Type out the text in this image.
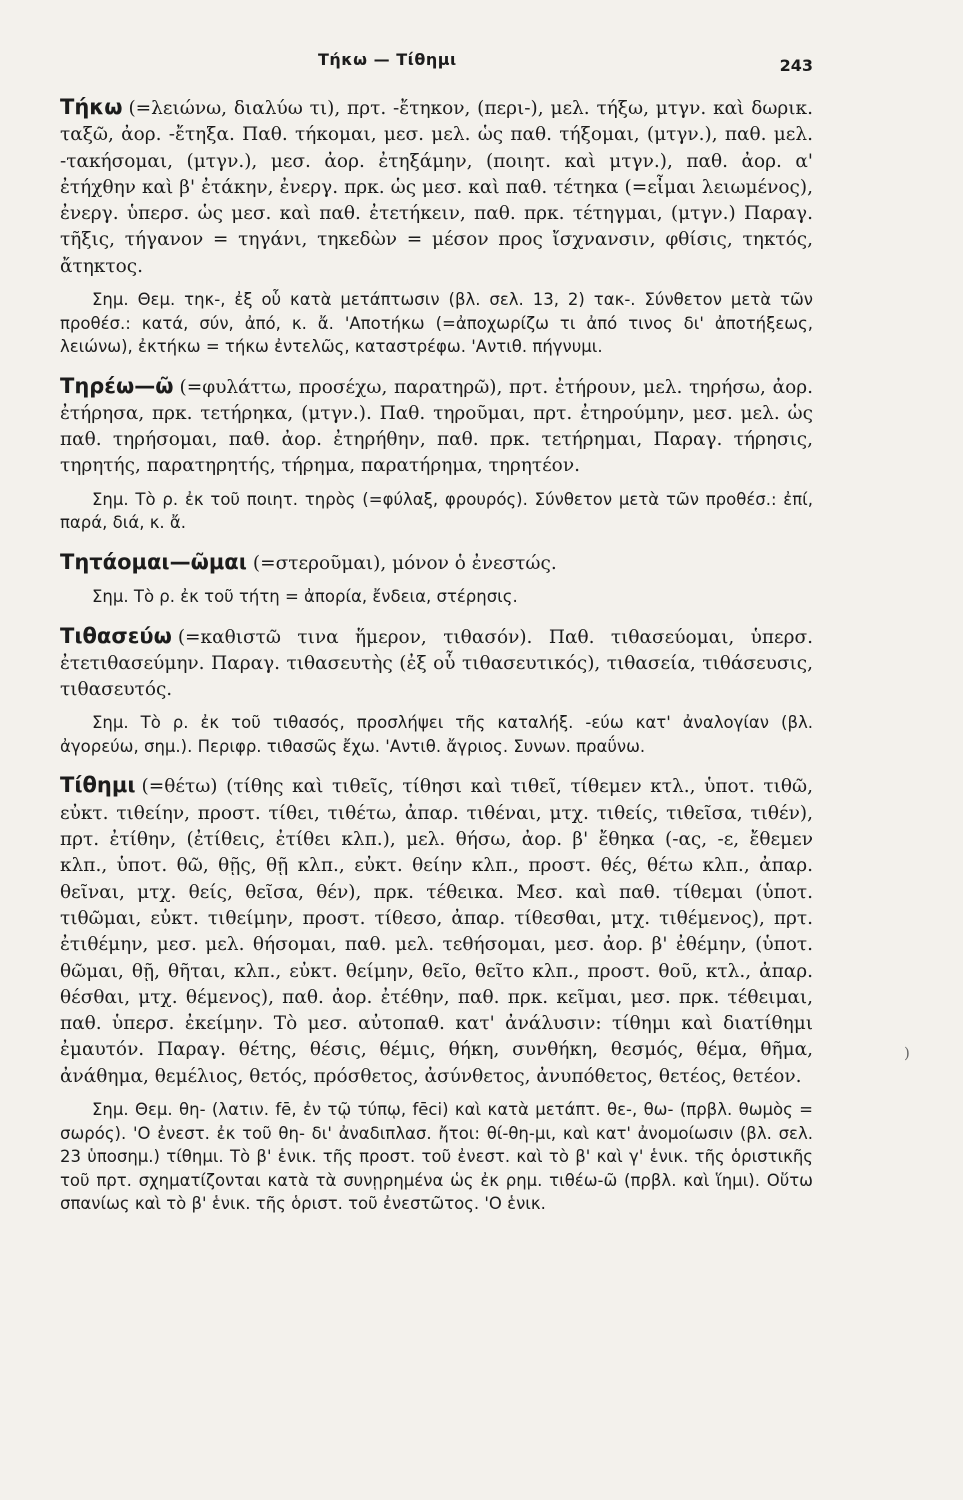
Τήκω — Τίθημι	243

Τήκω (=λειώνω, διαλύω τι), πρτ. -ἔτηκον, (περι-), μελ. τήξω, μτγν. καὶ δωρικ. ταξῶ, ἀορ. -ἔτηξα. Παθ. τήκομαι, μεσ. μελ. ὡς παθ. τήξομαι, (μτγν.), παθ. μελ. -τακήσομαι, (μτγν.), μεσ. ἀορ. ἐτηξάμην, (ποιητ. καὶ μτγν.), παθ. ἀορ. α' ἐτήχθην καὶ β' ἐτάκην, ἐνεργ. πρκ. ὡς μεσ. καὶ παθ. τέτηκα (=εἶμαι λειωμένος), ἐνεργ. ὑπερσ. ὡς μεσ. καὶ παθ. ἐτετήκειν, παθ. πρκ. τέτηγμαι, (μτγν.) Παραγ. τῆξις, τήγανον = τηγάνι, τηκεδὼν = μέσον προς ἴσχνανσιν, φθίσις, τηκτός, ἄτηκτος.

Σημ. Θεμ. τηκ-, ἐξ οὗ κατὰ μετάπτωσιν (βλ. σελ. 13, 2) τακ-. Σύνθετον μετὰ τῶν προθέσ.: κατά, σύν, ἀπό, κ. ἄ. 'Αποτήκω (=ἀποχωρίζω τι ἀπό τινος δι' ἀποτήξεως, λειώνω), ἐκτήκω = τήκω ἐντελῶς, καταστρέφω. 'Αντιθ. πήγνυμι.

Τηρέω—ῶ (=φυλάττω, προσέχω, παρατηρῶ), πρτ. ἐτήρουν, μελ. τηρήσω, ἀορ. ἐτήρησα, πρκ. τετήρηκα, (μτγν.). Παθ. τηροῦμαι, πρτ. ἐτηρούμην, μεσ. μελ. ὡς παθ. τηρήσομαι, παθ. ἀορ. ἐτηρήθην, παθ. πρκ. τετήρημαι, Παραγ. τήρησις, τηρητής, παρατηρητής, τήρημα, παρατήρημα, τηρητέον.

Σημ. Τὸ ρ. ἐκ τοῦ ποιητ. τηρὸς (=φύλαξ, φρουρός). Σύνθετον μετὰ τῶν προθέσ.: ἐπί, παρά, διά, κ. ἄ.

Τητάομαι—ῶμαι (=στεροῦμαι), μόνον ὁ ἐνεστώς.

Σημ. Τὸ ρ. ἐκ τοῦ τήτη = ἀπορία, ἔνδεια, στέρησις.

Τιθασεύω (=καθιστῶ τινα ἥμερον, τιθασόν). Παθ. τιθασεύομαι, ὑπερσ. ἐτετιθασεύμην. Παραγ. τιθασευτὴς (ἐξ οὗ τιθασευτικός), τιθασεία, τιθάσευσις, τιθασευτός.

Σημ. Τὸ ρ. ἐκ τοῦ τιθασός, προσλήψει τῆς καταλήξ. -εύω κατ' ἀναλογίαν (βλ. ἀγορεύω, σημ.). Περιφρ. τιθασῶς ἔχω. 'Αντιθ. ἄγριος. Συνων. πραΰνω.

Τίθημι (=θέτω) (τίθης καὶ τιθεῖς, τίθησι καὶ τιθεῖ, τίθεμεν κτλ., ὑποτ. τιθῶ, εὐκτ. τιθείην, προστ. τίθει, τιθέτω, ἀπαρ. τιθέναι, μτχ. τιθείς, τιθεῖσα, τιθέν), πρτ. ἐτίθην, (ἐτίθεις, ἐτίθει κλπ.), μελ. θήσω, ἀορ. β' ἔθηκα (-ας, -ε, ἔθεμεν κλπ., ὑποτ. θῶ, θῇς, θῇ κλπ., εὐκτ. θείην κλπ., προστ. θές, θέτω κλπ., ἀπαρ. θεῖναι, μτχ. θείς, θεῖσα, θέν), πρκ. τέθεικα. Μεσ. καὶ παθ. τίθεμαι (ὑποτ. τιθῶμαι, εὐκτ. τιθείμην, προστ. τίθεσο, ἀπαρ. τίθεσθαι, μτχ. τιθέμενος), πρτ. ἐτιθέμην, μεσ. μελ. θήσομαι, παθ. μελ. τεθήσομαι, μεσ. ἀορ. β' ἐθέμην, (ὑποτ. θῶμαι, θῇ, θῆται, κλπ., εὐκτ. θείμην, θεῖο, θεῖτο κλπ., προστ. θοῦ, κτλ., ἀπαρ. θέσθαι, μτχ. θέμενος), παθ. ἀορ. ἐτέθην, παθ. πρκ. κεῖμαι, μεσ. πρκ. τέθειμαι, παθ. ὑπερσ. ἐκείμην. Τὸ μεσ. αὐτοπαθ. κατ' ἀνάλυσιν: τίθημι καὶ διατίθημι ἐμαυτόν. Παραγ. θέτης, θέσις, θέμις, θήκη, συνθήκη, θεσμός, θέμα, θῆμα, ἀνάθημα, θεμέλιος, θετός, πρόσθετος, ἀσύνθετος, ἀνυπόθετος, θετέος, θετέον.

Σημ. Θεμ. θη- (λατιν. fē, ἐν τῷ τύπῳ, fēci) καὶ κατὰ μετάπτ. θε-, θω- (πρβλ. θωμὸς = σωρός). 'Ο ἐνεστ. ἐκ τοῦ θη- δι' ἀναδιπλασ. ἤτοι: θί-θη-μι, καὶ κατ' ἀνομοίωσιν (βλ. σελ. 23 ὑποσημ.) τίθημι. Τὸ β' ἑνικ. τῆς προστ. τοῦ ἐνεστ. καὶ τὸ β' καὶ γ' ἑνικ. τῆς ὁριστικῆς τοῦ πρτ. σχηματίζονται κατὰ τὰ συνῃρημένα ὡς ἐκ ρημ. τιθέω-ῶ (πρβλ. καὶ ἵημι). Οὕτω σπανίως καὶ τὸ β' ἑνικ. τῆς ὁριστ. τοῦ ἐνεστῶτος. 'Ο ἑνικ.

)
